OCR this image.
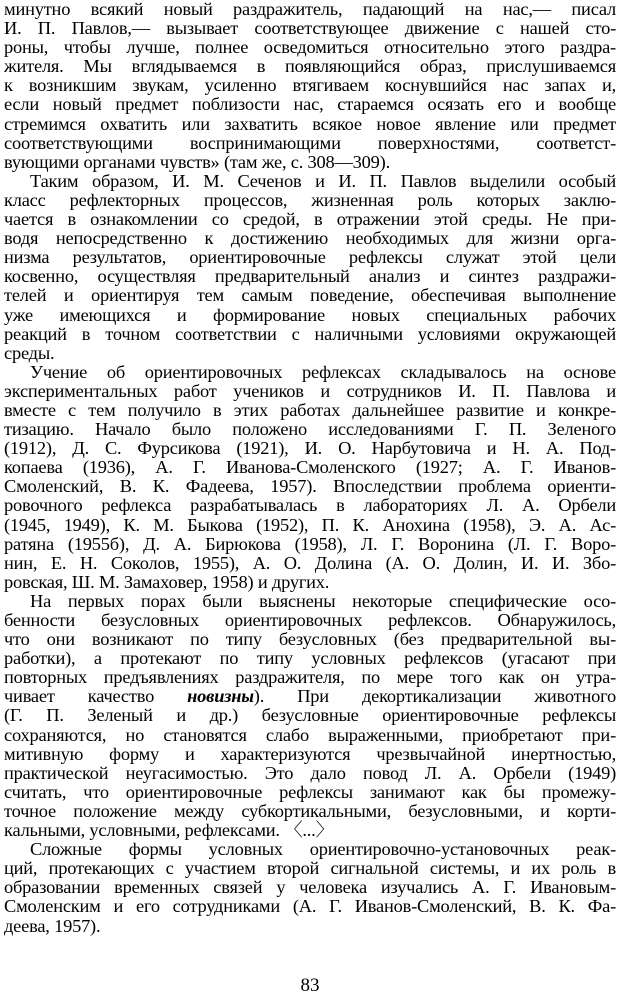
минутно всякий новый раздражитель, падающий на нас,— писал
И. П. Павлов,— вызывает соответствующее движение с нашей сто-
роны, чтобы лучше, полнее осведомиться относительно этого раздра-
жителя. Мы вглядываемся в появляющийся образ, прислушиваемся
к возникшим звукам, усиленно втягиваем коснувшийся нас запах и,
если новый предмет поблизости нас, стараемся осязать его и вообще
стремимся охватить или захватить всякое новое явление или предмет
соответствующими воспринимающими поверхностями, соответст-
вующими органами чувств» (там же, с. 308—309).
Таким образом, И. М. Сеченов и И. П. Павлов выделили особый
класс рефлекторных процессов, жизненная роль которых заклю-
чается в ознакомлении со средой, в отражении этой среды. Не при-
водя непосредственно к достижению необходимых для жизни орга-
низма результатов, ориентировочные рефлексы служат этой цели
косвенно, осуществляя предварительный анализ и синтез раздражи-
телей и ориентируя тем самым поведение, обеспечивая выполнение
уже имеющихся и формирование новых специальных рабочих
реакций в точном соответствии с наличными условиями окружающей
среды.
Учение об ориентировочных рефлексах складывалось на основе
экспериментальных работ учеников и сотрудников И. П. Павлова и
вместе с тем получило в этих работах дальнейшее развитие и конкре-
тизацию. Начало было положено исследованиями Г. П. Зеленого
(1912), Д. С. Фурсикова (1921), И. О. Нарбутовича и Н. А. Под-
копаева (1936), А. Г. Иванова-Смоленского (1927; А. Г. Иванов-
Смоленский, В. К. Фадеева, 1957). Впоследствии проблема ориенти-
ровочного рефлекса разрабатывалась в лабораториях Л. А. Орбели
(1945, 1949), К. М. Быкова (1952), П. К. Анохина (1958), Э. А. Ас-
ратяна (1955б), Д. А. Бирюкова (1958), Л. Г. Воронина (Л. Г. Воро-
нин, Е. Н. Соколов, 1955), А. О. Долина (А. О. Долин, И. И. Збо-
ровская, Ш. М. Замаховер, 1958) и других.
На первых порах были выяснены некоторые специфические осо-
бенности безусловных ориентировочных рефлексов. Обнаружилось,
что они возникают по типу безусловных (без предварительной вы-
работки), а протекают по типу условных рефлексов (угасают при
повторных предъявлениях раздражителя, по мере того как он утра-
чивает качество новизны). При декортикализации животного
(Г. П. Зеленый и др.) безусловные ориентировочные рефлексы
сохраняются, но становятся слабо выраженными, приобретают при-
митивную форму и характеризуются чрезвычайной инертностью,
практической неугасимостью. Это дало повод Л. А. Орбели (1949)
считать, что ориентировочные рефлексы занимают как бы промежу-
точное положение между субкортикальными, безусловными, и корти-
кальными, условными, рефлексами. 〈...〉
Сложные формы условных ориентировочно-установочных реак-
ций, протекающих с участием второй сигнальной системы, и их роль в
образовании временных связей у человека изучались А. Г. Ивановым-
Смоленским и его сотрудниками (А. Г. Иванов-Смоленский, В. К. Фа-
деева, 1957).
83
